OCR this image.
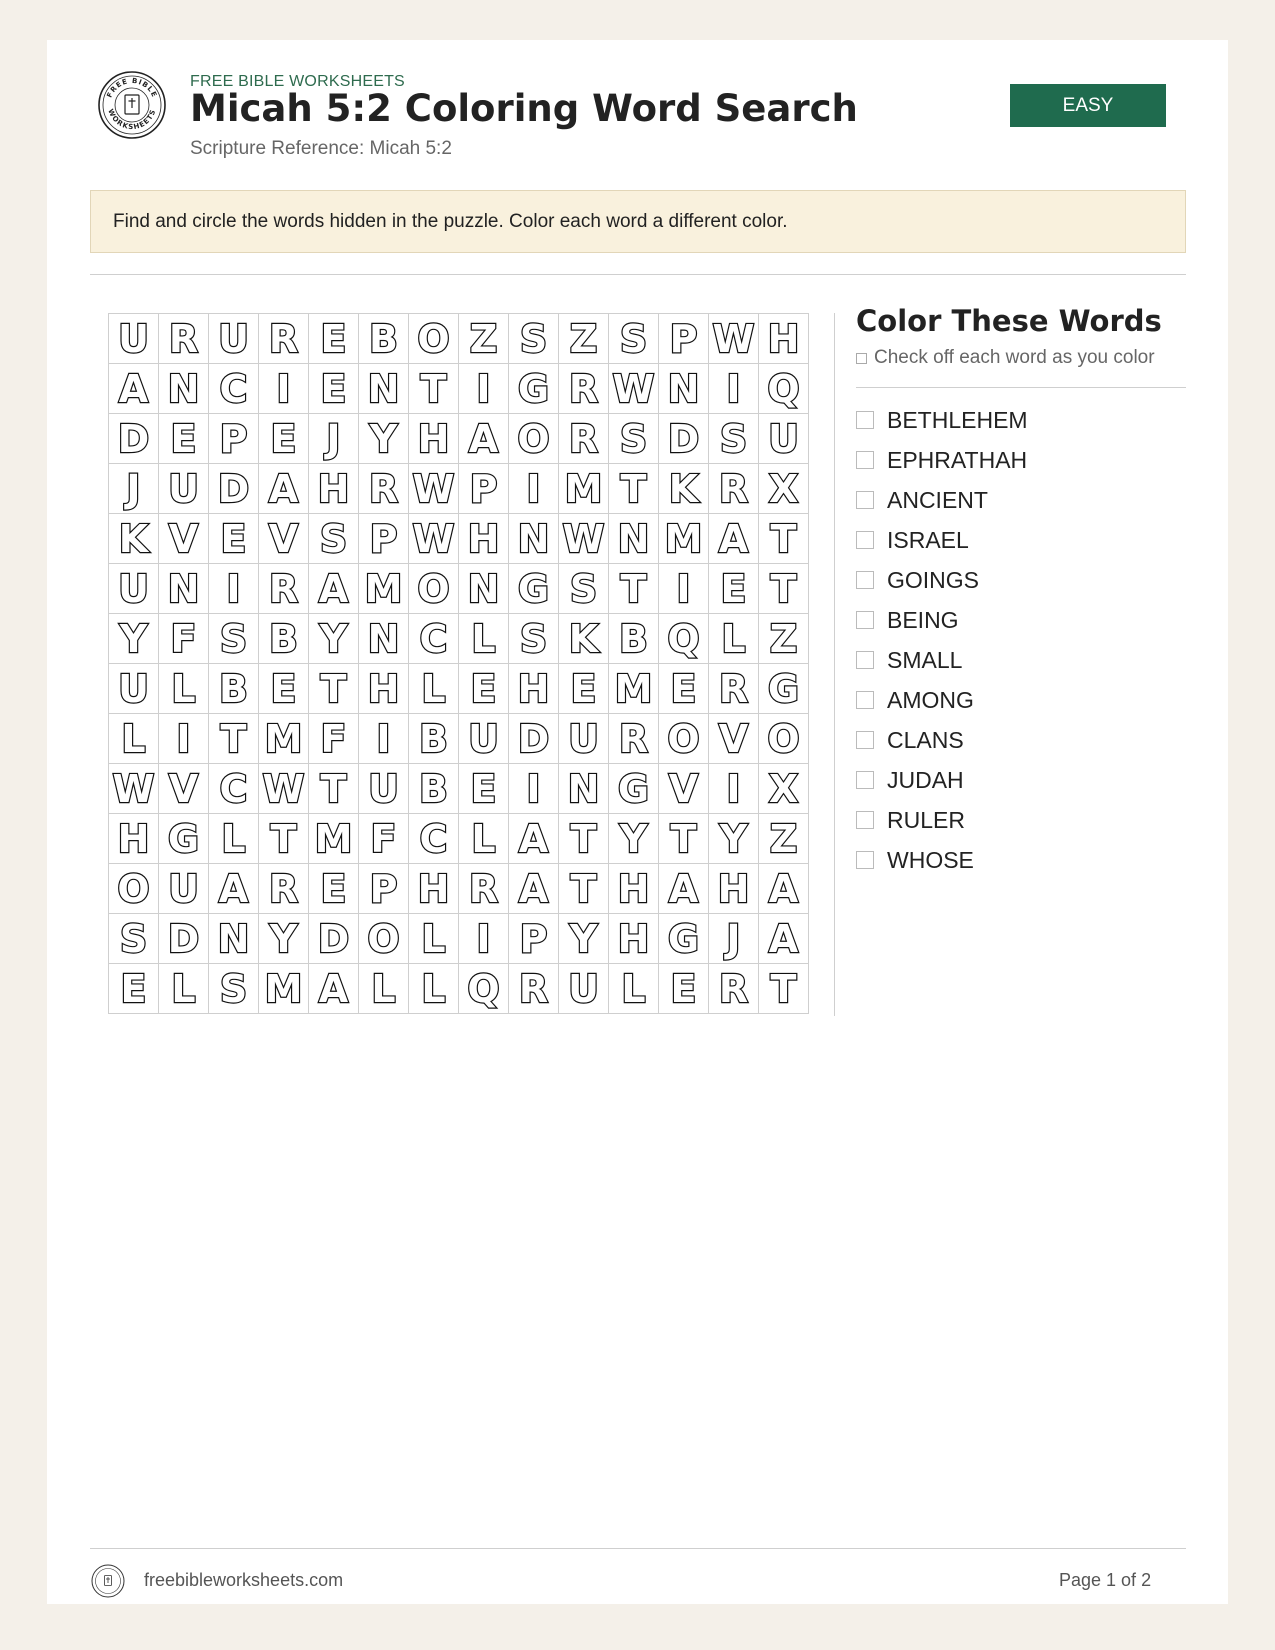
FREE BIBLE
WORKSHEETS
FREE BIBLE WORKSHEETS
Micah 5:2 Coloring Word Search
Scripture Reference: Micah 5:2
EASY
Find and circle the words hidden in the puzzle. Color each word a different color.
U R U R E B O Z S Z S P W H
A N C I E N T I G R W N I Q
D E P E J Y H A O R S D S U
J U D A H R W P I M T K R X
K V E V S P W H N W N M A T
U N I R A M O N G S T I E T
Y F S B Y N C L S K B Q L Z
U L B E T H L E H E M E R G
L I T M F I B U D U R O V O
W V C W T U B E I N G V I X
H G L T M F C L A T Y T Y Z
O U A R E P H R A T H A H A
S D N Y D O L I P Y H G J A
E L S M A L L Q R U L E R T
Color These Words
Check off each word as you color
BETHLEHEM
EPHRATHAH
ANCIENT
ISRAEL
GOINGS
BEING
SMALL
AMONG
CLANS
JUDAH
RULER
WHOSE
freebibleworksheets.com	Page 1 of 2
